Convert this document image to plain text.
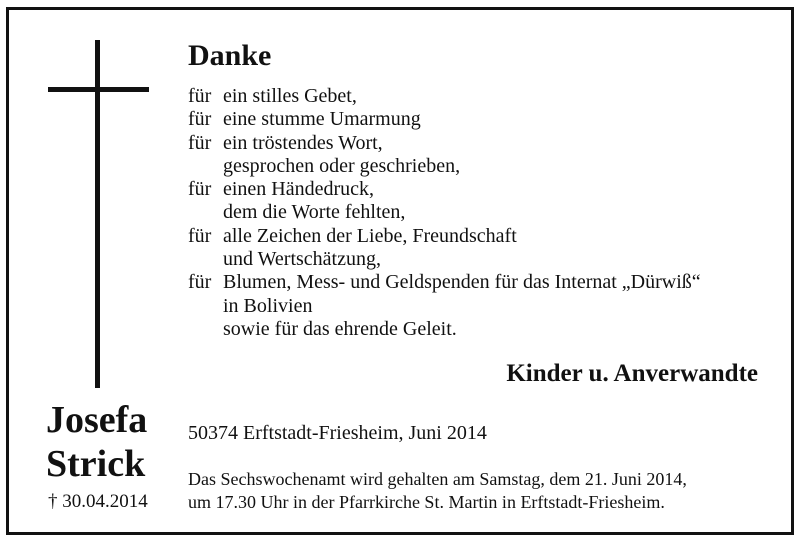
Danke
für ein stilles Gebet,
für eine stumme Umarmung
für ein tröstendes Wort,
gesprochen oder geschrieben,
für einen Händedruck,
dem die Worte fehlten,
für alle Zeichen der Liebe, Freundschaft
und Wertschätzung,
für Blumen, Mess- und Geldspenden für das Internat „Dürwiß“
in Bolivien
sowie für das ehrende Geleit.
Kinder u. Anverwandte
50374 Erftstadt-Friesheim, Juni 2014
Josefa
Strick
† 30.04.2014
Das Sechswochenamt wird gehalten am Samstag, dem 21. Juni 2014,
um 17.30 Uhr in der Pfarrkirche St. Martin in Erftstadt-Friesheim.
